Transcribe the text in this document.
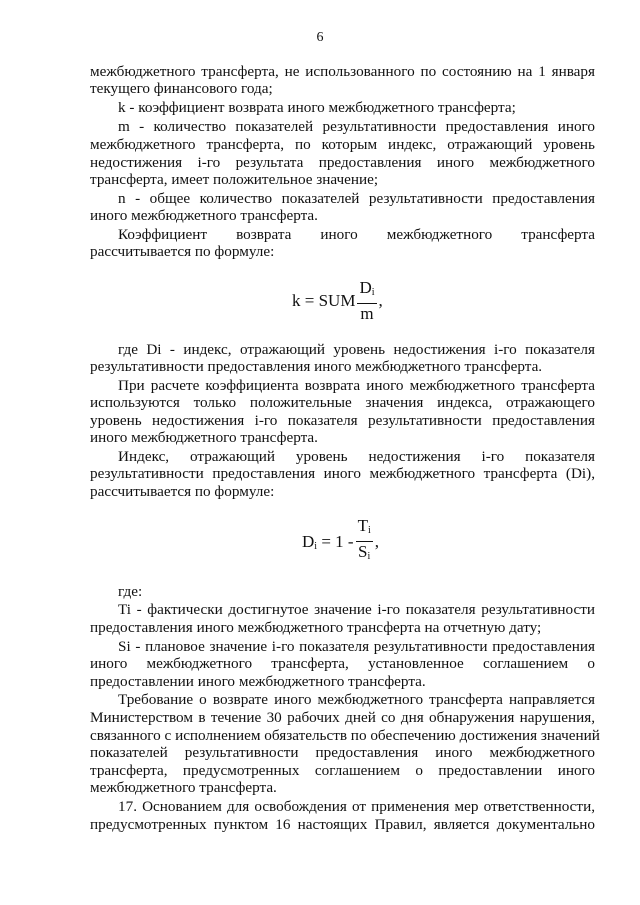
6
межбюджетного трансферта, не использованного по состоянию на 1 января
текущего финансового года;
k - коэффициент возврата иного межбюджетного трансферта;
m - количество показателей результативности предоставления иного
межбюджетного трансферта, по которым индекс, отражающий уровень
недостижения i-го результата предоставления иного межбюджетного
трансферта, имеет положительное значение;
n - общее количество показателей результативности предоставления
иного межбюджетного трансферта.
Коэффициент возврата иного межбюджетного трансферта
рассчитывается по формуле:
k = SUM $\frac{D_i}{m}$ ,
где Di - индекс, отражающий уровень недостижения i-го показателя
результативности предоставления иного межбюджетного трансферта.
При расчете коэффициента возврата иного межбюджетного трансферта
используются только положительные значения индекса, отражающего
уровень недостижения i-го показателя результативности предоставления
иного межбюджетного трансферта.
Индекс, отражающий уровень недостижения i-го показателя
результативности предоставления иного межбюджетного трансферта (Di),
рассчитывается по формуле:
$D_i = 1 - \frac{T_i}{S_i}$ ,
где:
Ti - фактически достигнутое значение i-го показателя результативности
предоставления иного межбюджетного трансферта на отчетную дату;
Si - плановое значение i-го показателя результативности предоставления
иного межбюджетного трансферта, установленное соглашением о
предоставлении иного межбюджетного трансферта.
Требование о возврате иного межбюджетного трансферта направляется
Министерством в течение 30 рабочих дней со дня обнаружения нарушения,
связанного с исполнением обязательств по обеспечению достижения значений
показателей результативности предоставления иного межбюджетного
трансферта, предусмотренных соглашением о предоставлении иного
межбюджетного трансферта.
17. Основанием для освобождения от применения мер ответственности,
предусмотренных пунктом 16 настоящих Правил, является документально
